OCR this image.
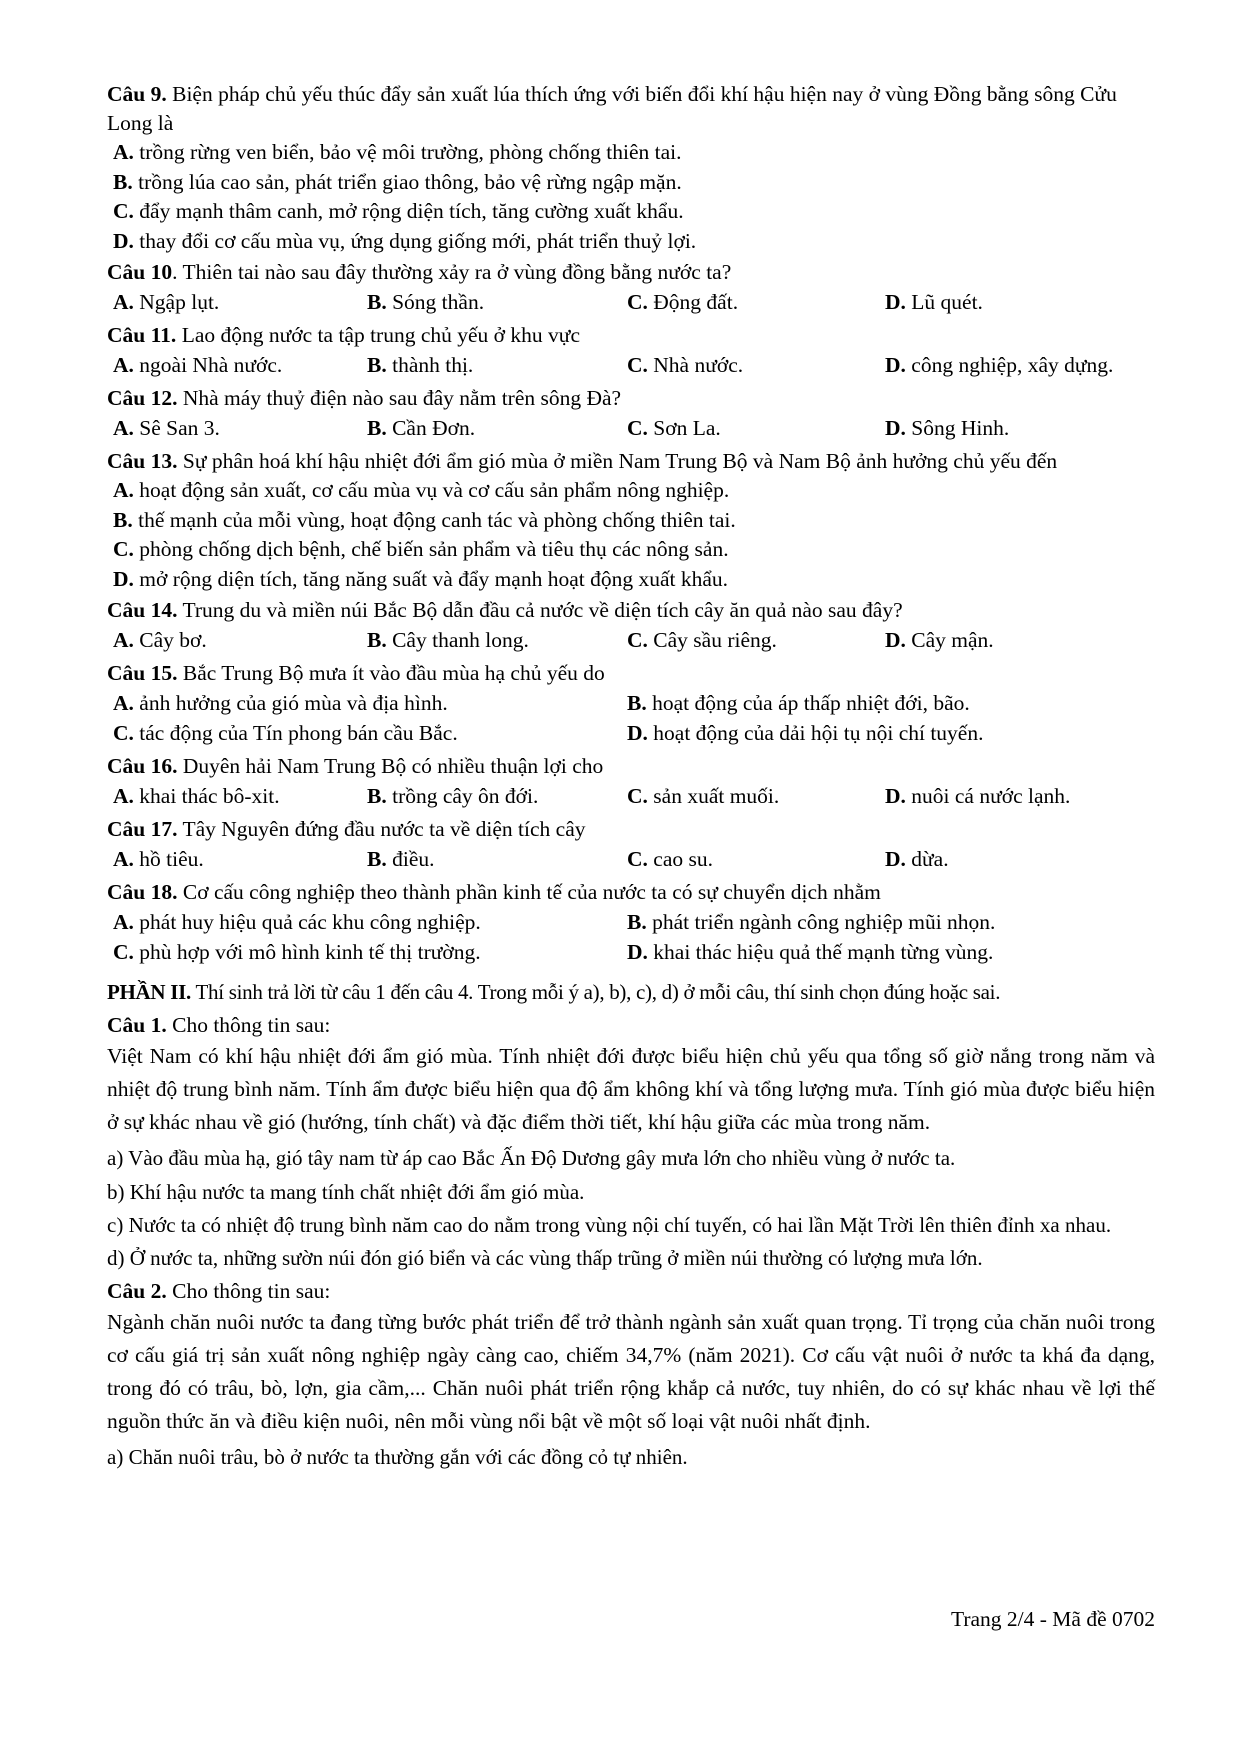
Câu 9. Biện pháp chủ yếu thúc đẩy sản xuất lúa thích ứng với biến đổi khí hậu hiện nay ở vùng Đồng bằng sông Cửu Long là

A. trồng rừng ven biển, bảo vệ môi trường, phòng chống thiên tai.

B. trồng lúa cao sản, phát triển giao thông, bảo vệ rừng ngập mặn.

C. đẩy mạnh thâm canh, mở rộng diện tích, tăng cường xuất khẩu.

D. thay đổi cơ cấu mùa vụ, ứng dụng giống mới, phát triển thuỷ lợi.

Câu 10. Thiên tai nào sau đây thường xảy ra ở vùng đồng bằng nước ta?

A. Ngập lụt.	B. Sóng thần.	C. Động đất.	D. Lũ quét.

Câu 11. Lao động nước ta tập trung chủ yếu ở khu vực

A. ngoài Nhà nước.	B. thành thị.	C. Nhà nước.	D. công nghiệp, xây dựng.

Câu 12. Nhà máy thuỷ điện nào sau đây nằm trên sông Đà?

A. Sê San 3.	B. Cần Đơn.	C. Sơn La.	D. Sông Hinh.

Câu 13. Sự phân hoá khí hậu nhiệt đới ẩm gió mùa ở miền Nam Trung Bộ và Nam Bộ ảnh hưởng chủ yếu đến

A. hoạt động sản xuất, cơ cấu mùa vụ và cơ cấu sản phẩm nông nghiệp.

B. thế mạnh của mỗi vùng, hoạt động canh tác và phòng chống thiên tai.

C. phòng chống dịch bệnh, chế biến sản phẩm và tiêu thụ các nông sản.

D. mở rộng diện tích, tăng năng suất và đẩy mạnh hoạt động xuất khẩu.

Câu 14. Trung du và miền núi Bắc Bộ dẫn đầu cả nước về diện tích cây ăn quả nào sau đây?

A. Cây bơ.	B. Cây thanh long.	C. Cây sầu riêng.	D. Cây mận.

Câu 15. Bắc Trung Bộ mưa ít vào đầu mùa hạ chủ yếu do

A. ảnh hưởng của gió mùa và địa hình.	B. hoạt động của áp thấp nhiệt đới, bão.
C. tác động của Tín phong bán cầu Bắc.	D. hoạt động của dải hội tụ nội chí tuyến.

Câu 16. Duyên hải Nam Trung Bộ có nhiều thuận lợi cho

A. khai thác bô-xit.	B. trồng cây ôn đới.	C. sản xuất muối.	D. nuôi cá nước lạnh.

Câu 17. Tây Nguyên đứng đầu nước ta về diện tích cây

A. hồ tiêu.	B. điều.	C. cao su.	D. dừa.

Câu 18. Cơ cấu công nghiệp theo thành phần kinh tế của nước ta có sự chuyển dịch nhằm

A. phát huy hiệu quả các khu công nghiệp.	B. phát triển ngành công nghiệp mũi nhọn.
C. phù hợp với mô hình kinh tế thị trường.	D. khai thác hiệu quả thế mạnh từng vùng.

PHẦN II. Thí sinh trả lời từ câu 1 đến câu 4. Trong mỗi ý a), b), c), d) ở mỗi câu, thí sinh chọn đúng hoặc sai.

Câu 1. Cho thông tin sau:

Việt Nam có khí hậu nhiệt đới ẩm gió mùa. Tính nhiệt đới được biểu hiện chủ yếu qua tổng số giờ nắng trong năm và nhiệt độ trung bình năm. Tính ẩm được biểu hiện qua độ ẩm không khí và tổng lượng mưa. Tính gió mùa được biểu hiện ở sự khác nhau về gió (hướng, tính chất) và đặc điểm thời tiết, khí hậu giữa các mùa trong năm.

a) Vào đầu mùa hạ, gió tây nam từ áp cao Bắc Ấn Độ Dương gây mưa lớn cho nhiều vùng ở nước ta.

b) Khí hậu nước ta mang tính chất nhiệt đới ẩm gió mùa.

c) Nước ta có nhiệt độ trung bình năm cao do nằm trong vùng nội chí tuyến, có hai lần Mặt Trời lên thiên đỉnh xa nhau.

d) Ở nước ta, những sườn núi đón gió biển và các vùng thấp trũng ở miền núi thường có lượng mưa lớn.

Câu 2. Cho thông tin sau:

Ngành chăn nuôi nước ta đang từng bước phát triển để trở thành ngành sản xuất quan trọng. Tỉ trọng của chăn nuôi trong cơ cấu giá trị sản xuất nông nghiệp ngày càng cao, chiếm 34,7% (năm 2021). Cơ cấu vật nuôi ở nước ta khá đa dạng, trong đó có trâu, bò, lợn, gia cầm,... Chăn nuôi phát triển rộng khắp cả nước, tuy nhiên, do có sự khác nhau về lợi thế nguồn thức ăn và điều kiện nuôi, nên mỗi vùng nổi bật về một số loại vật nuôi nhất định.

a) Chăn nuôi trâu, bò ở nước ta thường gắn với các đồng cỏ tự nhiên.

Trang 2/4 - Mã đề 0702
